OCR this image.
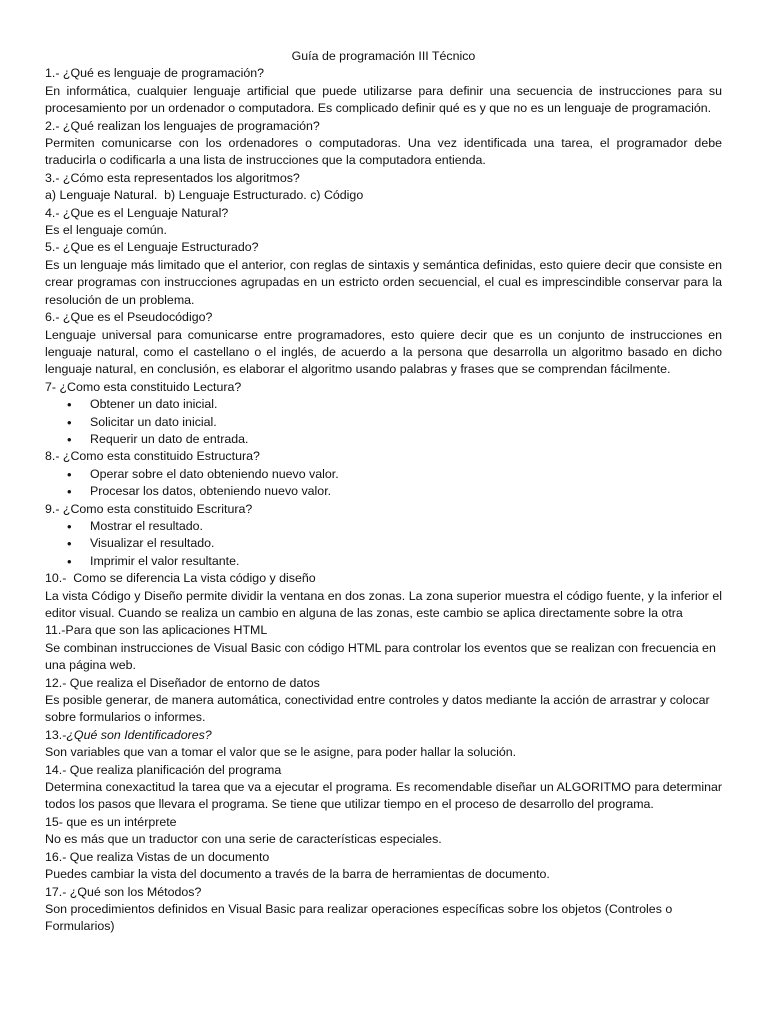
Guía de programación III Técnico

1.- ¿Qué es lenguaje de programación?

En informática, cualquier lenguaje artificial que puede utilizarse para definir una secuencia de instrucciones para su procesamiento por un ordenador o computadora. Es complicado definir qué es y que no es un lenguaje de programación.

2.- ¿Qué realizan los lenguajes de programación?

Permiten comunicarse con los ordenadores o computadoras. Una vez identificada una tarea, el programador debe traducirla o codificarla a una lista de instrucciones que la computadora entienda.

3.- ¿Cómo esta representados los algoritmos?

a) Lenguaje Natural.  b) Lenguaje Estructurado. c) Código

4.- ¿Que es el Lenguaje Natural?

Es el lenguaje común.

5.- ¿Que es el Lenguaje Estructurado?

Es un lenguaje más limitado que el anterior, con reglas de sintaxis y semántica definidas, esto quiere decir que consiste en crear programas con instrucciones agrupadas en un estricto orden secuencial, el cual es imprescindible conservar para la resolución de un problema.

6.- ¿Que es el Pseudocódigo?

Lenguaje universal para comunicarse entre programadores, esto quiere decir que es un conjunto de instrucciones en lenguaje natural, como el castellano o el inglés, de acuerdo a la persona que desarrolla un algoritmo basado en dicho lenguaje natural, en conclusión, es elaborar el algoritmo usando palabras y frases que se comprendan fácilmente.

7- ¿Como esta constituido Lectura?

• Obtener un dato inicial.
• Solicitar un dato inicial.
• Requerir un dato de entrada.

8.- ¿Como esta constituido Estructura?

• Operar sobre el dato obteniendo nuevo valor.
• Procesar los datos, obteniendo nuevo valor.

9.- ¿Como esta constituido Escritura?

• Mostrar el resultado.
• Visualizar el resultado.
• Imprimir el valor resultante.

10.-  Como se diferencia La vista código y diseño

La vista Código y Diseño permite dividir la ventana en dos zonas. La zona superior muestra el código fuente, y la inferior el editor visual. Cuando se realiza un cambio en alguna de las zonas, este cambio se aplica directamente sobre la otra

11.-Para que son las aplicaciones HTML

Se combinan instrucciones de Visual Basic con código HTML para controlar los eventos que se realizan con frecuencia en una página web.

12.- Que realiza el Diseñador de entorno de datos

Es posible generar, de manera automática, conectividad entre controles y datos mediante la acción de arrastrar y colocar sobre formularios o informes.

13.-¿Qué son Identificadores?

Son variables que van a tomar el valor que se le asigne, para poder hallar la solución.

14.- Que realiza planificación del programa

Determina conexactitud la tarea que va a ejecutar el programa. Es recomendable diseñar un ALGORITMO para determinar todos los pasos que llevara el programa. Se tiene que utilizar tiempo en el proceso de desarrollo del programa.

15- que es un intérprete

No es más que un traductor con una serie de características especiales.

16.- Que realiza Vistas de un documento

Puedes cambiar la vista del documento a través de la barra de herramientas de documento.

17.- ¿Qué son los Métodos?

Son procedimientos definidos en Visual Basic para realizar operaciones específicas sobre los objetos (Controles o Formularios)
